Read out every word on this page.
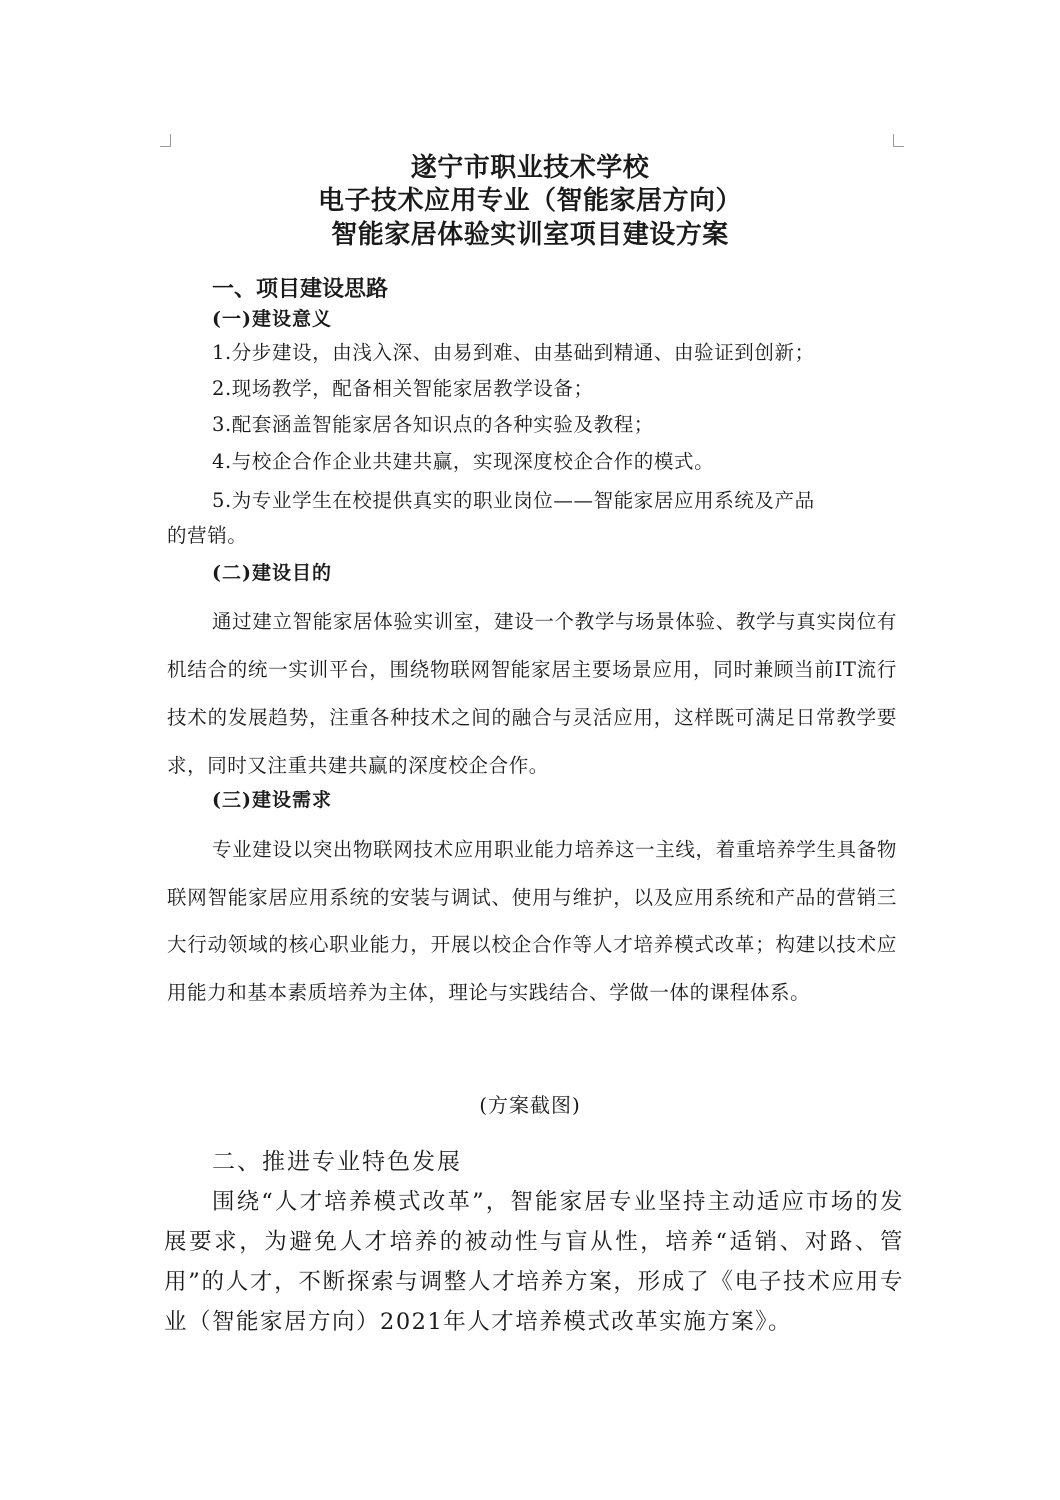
遂宁市职业技术学校
电子技术应用专业（智能家居方向）
智能家居体验实训室项目建设方案
一、项目建设思路
(一)建设意义
1.分步建设，由浅入深、由易到难、由基础到精通、由验证到创新；
2.现场教学，配备相关智能家居教学设备；
3.配套涵盖智能家居各知识点的各种实验及教程；
4.与校企合作企业共建共赢，实现深度校企合作的模式。
5.为专业学生在校提供真实的职业岗位——智能家居应用系统及产品
的营销。
(二)建设目的

通过建立智能家居体验实训室，建设一个教学与场景体验、教学与真实岗位有机结合的统一实训平台，围绕物联网智能家居主要场景应用，同时兼顾当前IT流行技术的发展趋势，注重各种技术之间的融合与灵活应用，这样既可满足日常教学要求，同时又注重共建共赢的深度校企合作。

(三)建设需求

专业建设以突出物联网技术应用职业能力培养这一主线，着重培养学生具备物联网智能家居应用系统的安装与调试、使用与维护，以及应用系统和产品的营销三大行动领域的核心职业能力，开展以校企合作等人才培养模式改革；构建以技术应用能力和基本素质培养为主体，理论与实践结合、学做一体的课程体系。

(方案截图)
二、推进专业特色发展

围绕“人才培养模式改革”，智能家居专业坚持主动适应市场的发展要求，为避免人才培养的被动性与盲从性，培养“适销、对路、管用”的人才，不断探索与调整人才培养方案，形成了《电子技术应用专业（智能家居方向）2021年人才培养模式改革实施方案》。
